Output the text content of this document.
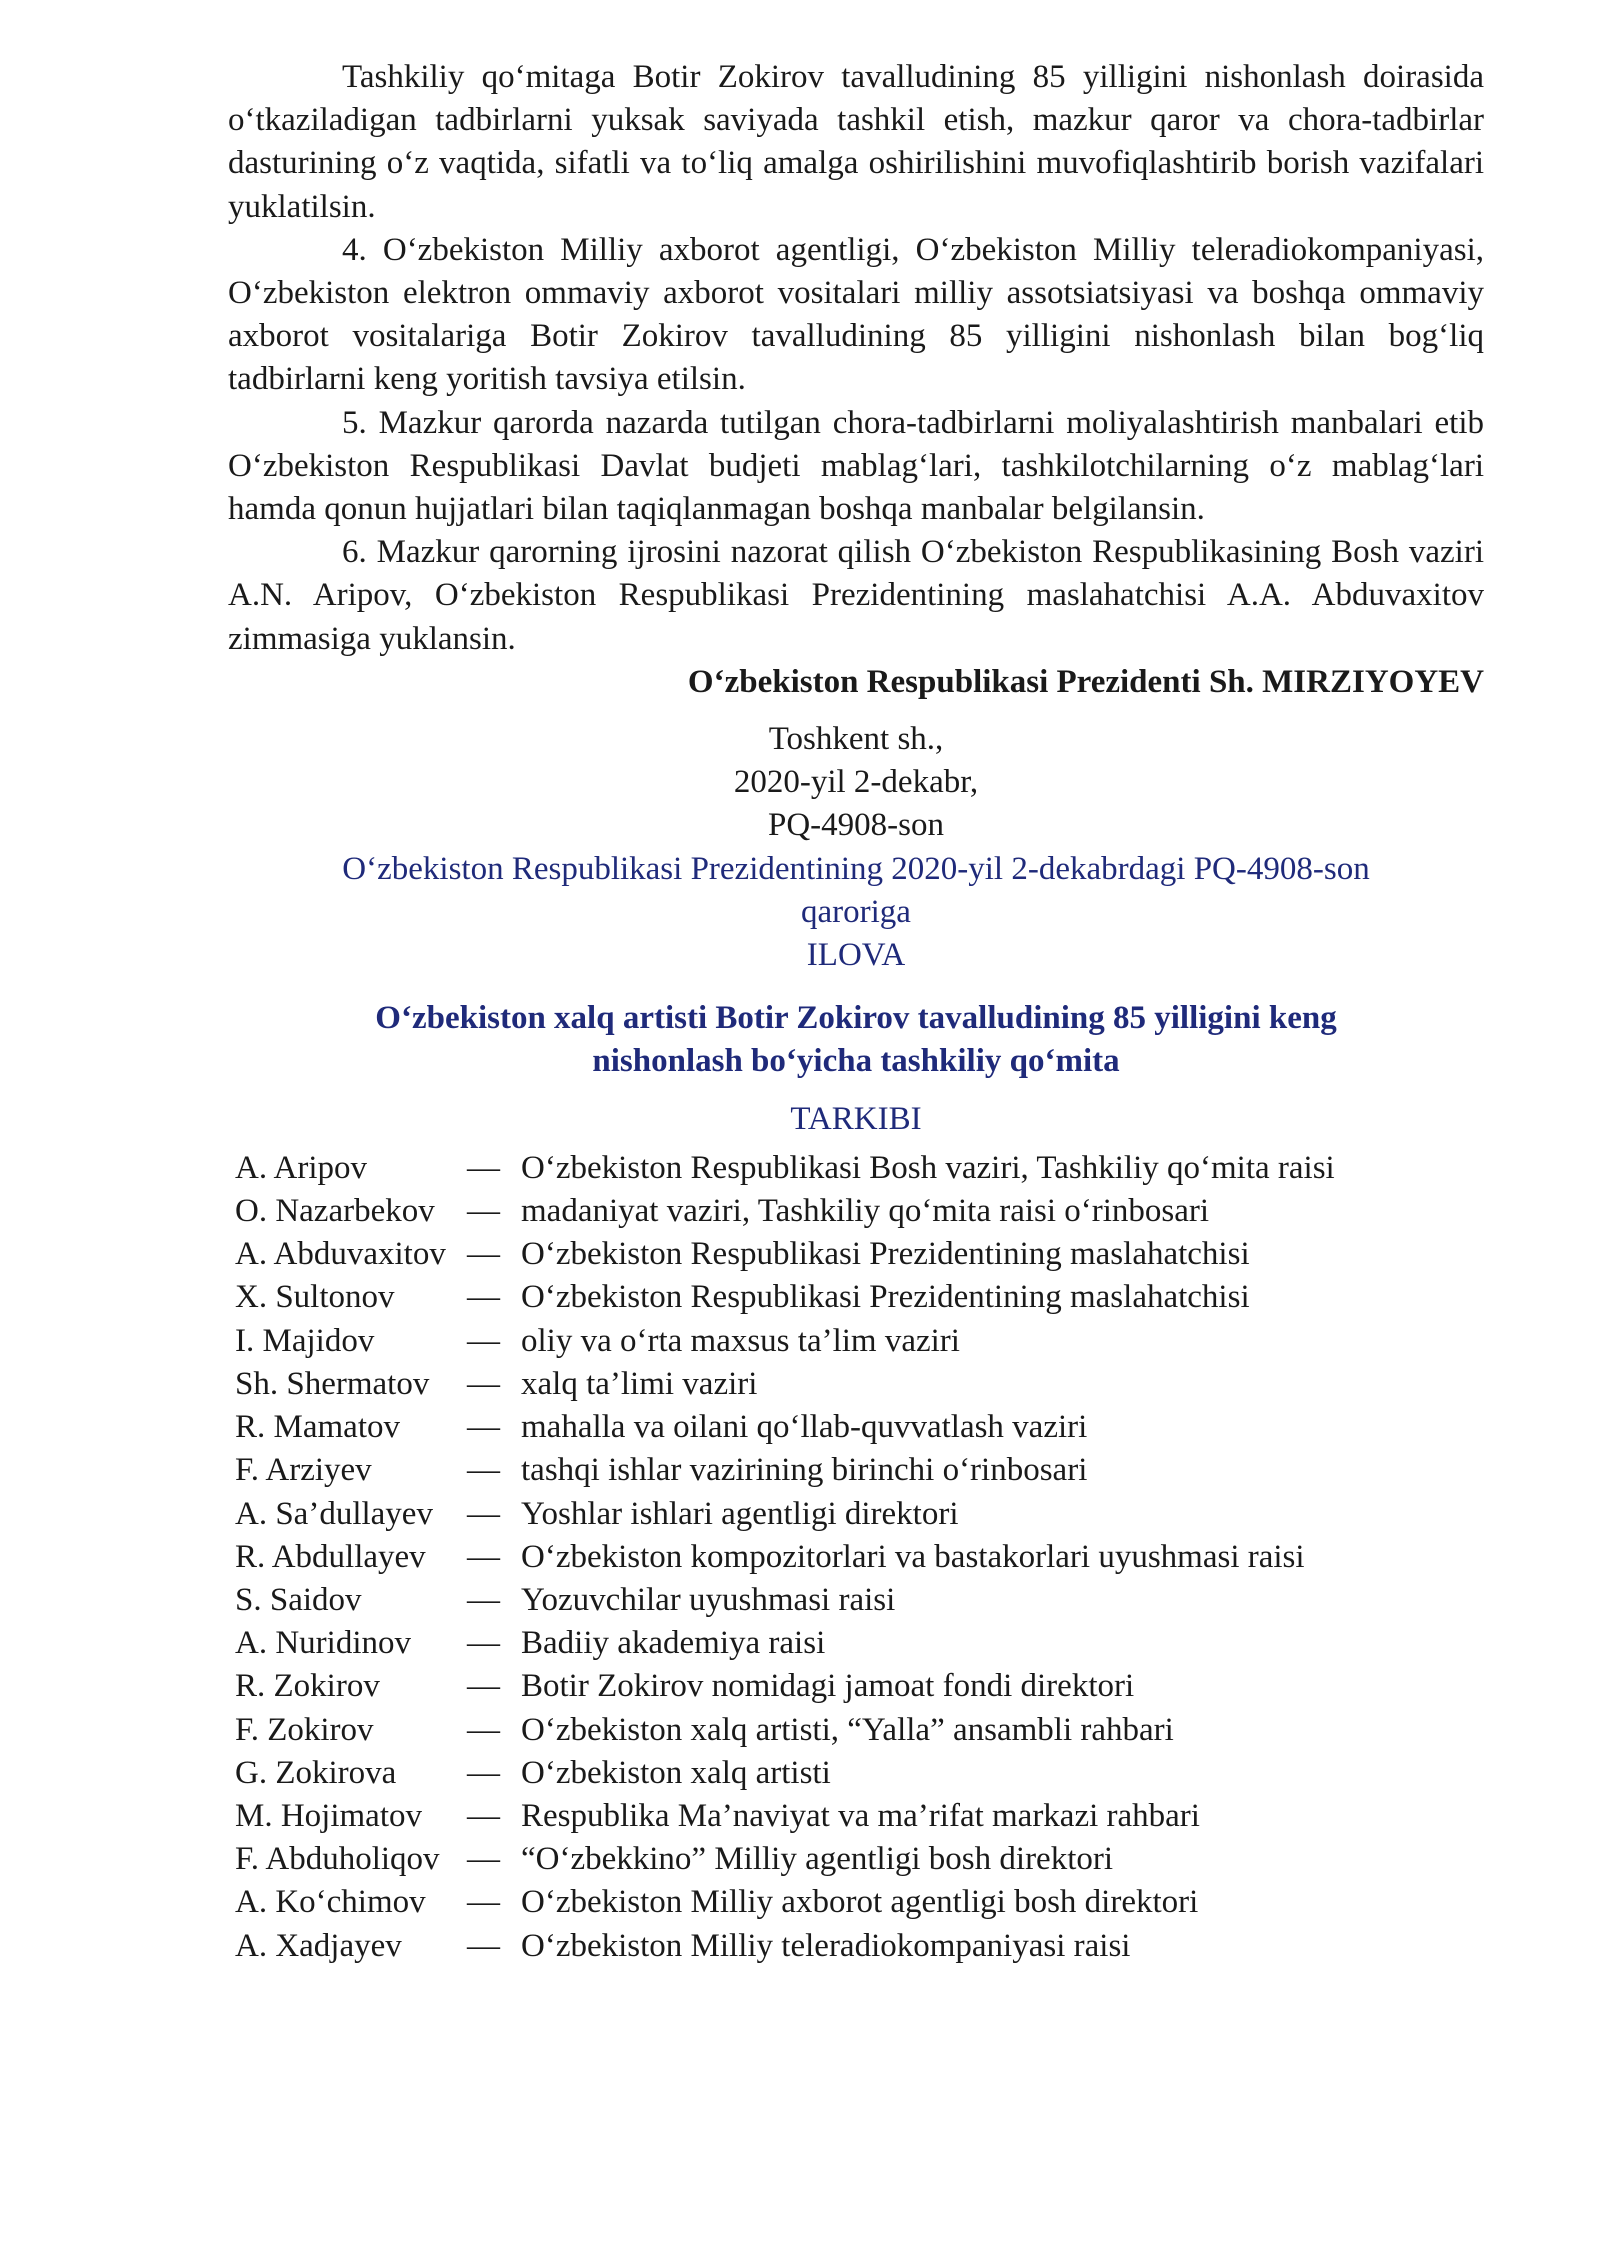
Tashkiliy qo‘mitaga Botir Zokirov tavalludining 85 yilligini nishonlash doirasida o‘tkaziladigan tadbirlarni yuksak saviyada tashkil etish, mazkur qaror va chora-tadbirlar dasturining o‘z vaqtida, sifatli va to‘liq amalga oshirilishini muvofiqlashtirib borish vazifalari yuklatilsin.

4. O‘zbekiston Milliy axborot agentligi, O‘zbekiston Milliy teleradiokompaniyasi, O‘zbekiston elektron ommaviy axborot vositalari milliy assotsiatsiyasi va boshqa ommaviy axborot vositalariga Botir Zokirov tavalludining 85 yilligini nishonlash bilan bog‘liq tadbirlarni keng yoritish tavsiya etilsin.

5. Mazkur qarorda nazarda tutilgan chora-tadbirlarni moliyalashtirish manbalari etib O‘zbekiston Respublikasi Davlat budjeti mablag‘lari, tashkilotchilarning o‘z mablag‘lari hamda qonun hujjatlari bilan taqiqlanmagan boshqa manbalar belgilansin.

6. Mazkur qarorning ijrosini nazorat qilish O‘zbekiston Respublikasining Bosh vaziri A.N. Aripov, O‘zbekiston Respublikasi Prezidentining maslahatchisi A.A. Abduvaxitov zimmasiga yuklansin.

O‘zbekiston Respublikasi Prezidenti Sh. MIRZIYOYEV

Toshkent sh.,
2020-yil 2-dekabr,
PQ-4908-son
O‘zbekiston Respublikasi Prezidentining 2020-yil 2-dekabrdagi PQ-4908-son
qaroriga
ILOVA
O‘zbekiston xalq artisti Botir Zokirov tavalludining 85 yilligini keng
nishonlash bo‘yicha tashkiliy qo‘mita
TARKIBI
A. Aripov	—	O‘zbekiston Respublikasi Bosh vaziri, Tashkiliy qo‘mita raisi
O. Nazarbekov	—	madaniyat vaziri, Tashkiliy qo‘mita raisi o‘rinbosari
A. Abduvaxitov	—	O‘zbekiston Respublikasi Prezidentining maslahatchisi
X. Sultonov	—	O‘zbekiston Respublikasi Prezidentining maslahatchisi
I. Majidov	—	oliy va o‘rta maxsus ta’lim vaziri
Sh. Shermatov	—	xalq ta’limi vaziri
R. Mamatov	—	mahalla va oilani qo‘llab-quvvatlash vaziri
F. Arziyev	—	tashqi ishlar vazirining birinchi o‘rinbosari
A. Sa’dullayev	—	Yoshlar ishlari agentligi direktori
R. Abdullayev	—	O‘zbekiston kompozitorlari va bastakorlari uyushmasi raisi
S. Saidov	—	Yozuvchilar uyushmasi raisi
A. Nuridinov	—	Badiiy akademiya raisi
R. Zokirov	—	Botir Zokirov nomidagi jamoat fondi direktori
F. Zokirov	—	O‘zbekiston xalq artisti, “Yalla” ansambli rahbari
G. Zokirova	—	O‘zbekiston xalq artisti
M. Hojimatov	—	Respublika Ma’naviyat va ma’rifat markazi rahbari
F. Abduholiqov	—	“O‘zbekkino” Milliy agentligi bosh direktori
A. Ko‘chimov	—	O‘zbekiston Milliy axborot agentligi bosh direktori
A. Xadjayev	—	O‘zbekiston Milliy teleradiokompaniyasi raisi
